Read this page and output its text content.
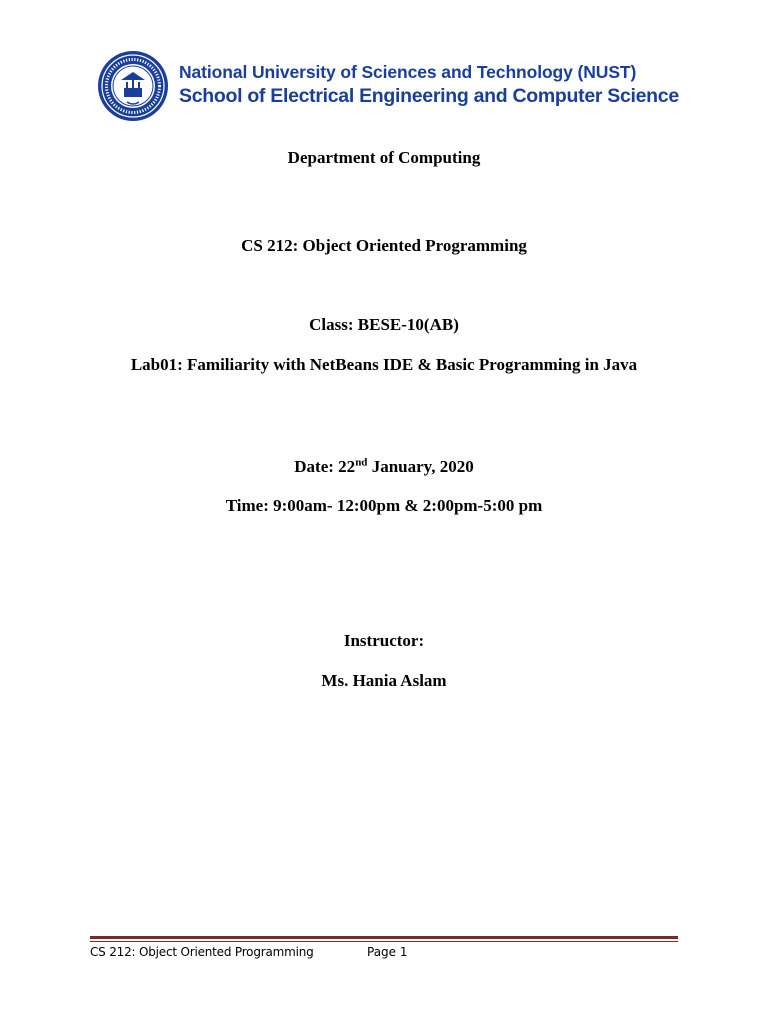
National University of Sciences and Technology (NUST)
School of Electrical Engineering and Computer Science
Department of Computing
CS 212: Object Oriented Programming
Class: BESE-10(AB)
Lab01: Familiarity with NetBeans IDE & Basic Programming in Java
Date: 22nd January, 2020
Time: 9:00am- 12:00pm & 2:00pm-5:00 pm
Instructor:
Ms. Hania Aslam
CS 212: Object Oriented Programming	Page 1
